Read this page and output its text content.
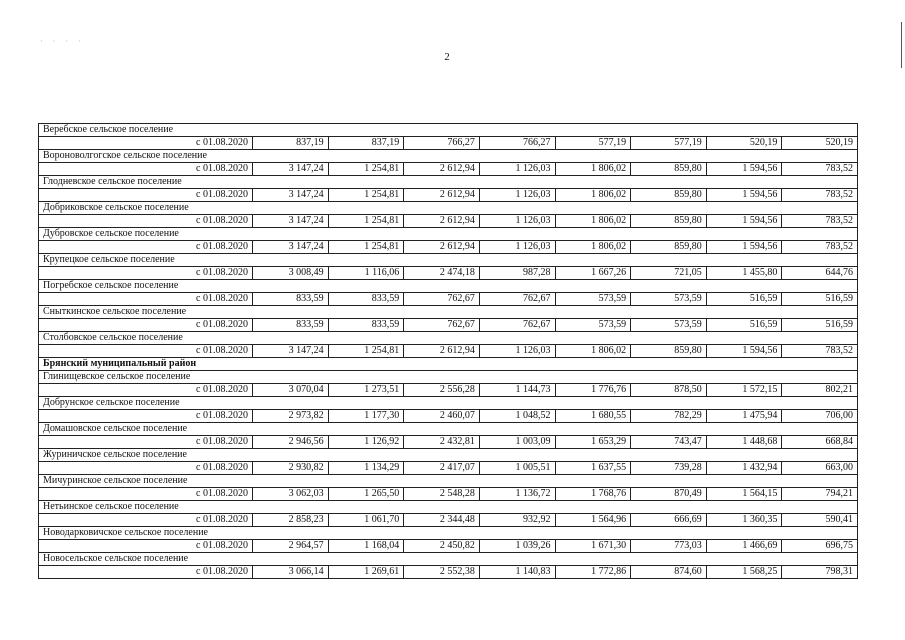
2
· · · ·
Веребское сельское поселение								
с 01.08.2020	837,19	837,19	766,27	766,27	577,19	577,19	520,19	520,19
Вороноволгогское сельское поселение								
с 01.08.2020	3 147,24	1 254,81	2 612,94	1 126,03	1 806,02	859,80	1 594,56	783,52
Глодневское сельское поселение								
с 01.08.2020	3 147,24	1 254,81	2 612,94	1 126,03	1 806,02	859,80	1 594,56	783,52
Добриковское сельское поселение								
с 01.08.2020	3 147,24	1 254,81	2 612,94	1 126,03	1 806,02	859,80	1 594,56	783,52
Дубровское сельское поселение								
с 01.08.2020	3 147,24	1 254,81	2 612,94	1 126,03	1 806,02	859,80	1 594,56	783,52
Крупецкое сельское поселение								
с 01.08.2020	3 008,49	1 116,06	2 474,18	987,28	1 667,26	721,05	1 455,80	644,76
Погребское сельское поселение								
с 01.08.2020	833,59	833,59	762,67	762,67	573,59	573,59	516,59	516,59
Сныткинское сельское поселение								
с 01.08.2020	833,59	833,59	762,67	762,67	573,59	573,59	516,59	516,59
Столбовское сельское поселение								
с 01.08.2020	3 147,24	1 254,81	2 612,94	1 126,03	1 806,02	859,80	1 594,56	783,52
Брянский муниципальный район								
Глинищевское сельское поселение								
с 01.08.2020	3 070,04	1 273,51	2 556,28	1 144,73	1 776,76	878,50	1 572,15	802,21
Добрунское сельское поселение								
с 01.08.2020	2 973,82	1 177,30	2 460,07	1 048,52	1 680,55	782,29	1 475,94	706,00
Домашовское сельское поселение								
с 01.08.2020	2 946,56	1 126,92	2 432,81	1 003,09	1 653,29	743,47	1 448,68	668,84
Журиничское сельское поселение								
с 01.08.2020	2 930,82	1 134,29	2 417,07	1 005,51	1 637,55	739,28	1 432,94	663,00
Мичуринское сельское поселение								
с 01.08.2020	3 062,03	1 265,50	2 548,28	1 136,72	1 768,76	870,49	1 564,15	794,21
Нетьинское сельское поселение								
с 01.08.2020	2 858,23	1 061,70	2 344,48	932,92	1 564,96	666,69	1 360,35	590,41
Новодарковичское сельское поселение								
с 01.08.2020	2 964,57	1 168,04	2 450,82	1 039,26	1 671,30	773,03	1 466,69	696,75
Новосельское сельское поселение								
с 01.08.2020	3 066,14	1 269,61	2 552,38	1 140,83	1 772,86	874,60	1 568,25	798,31
